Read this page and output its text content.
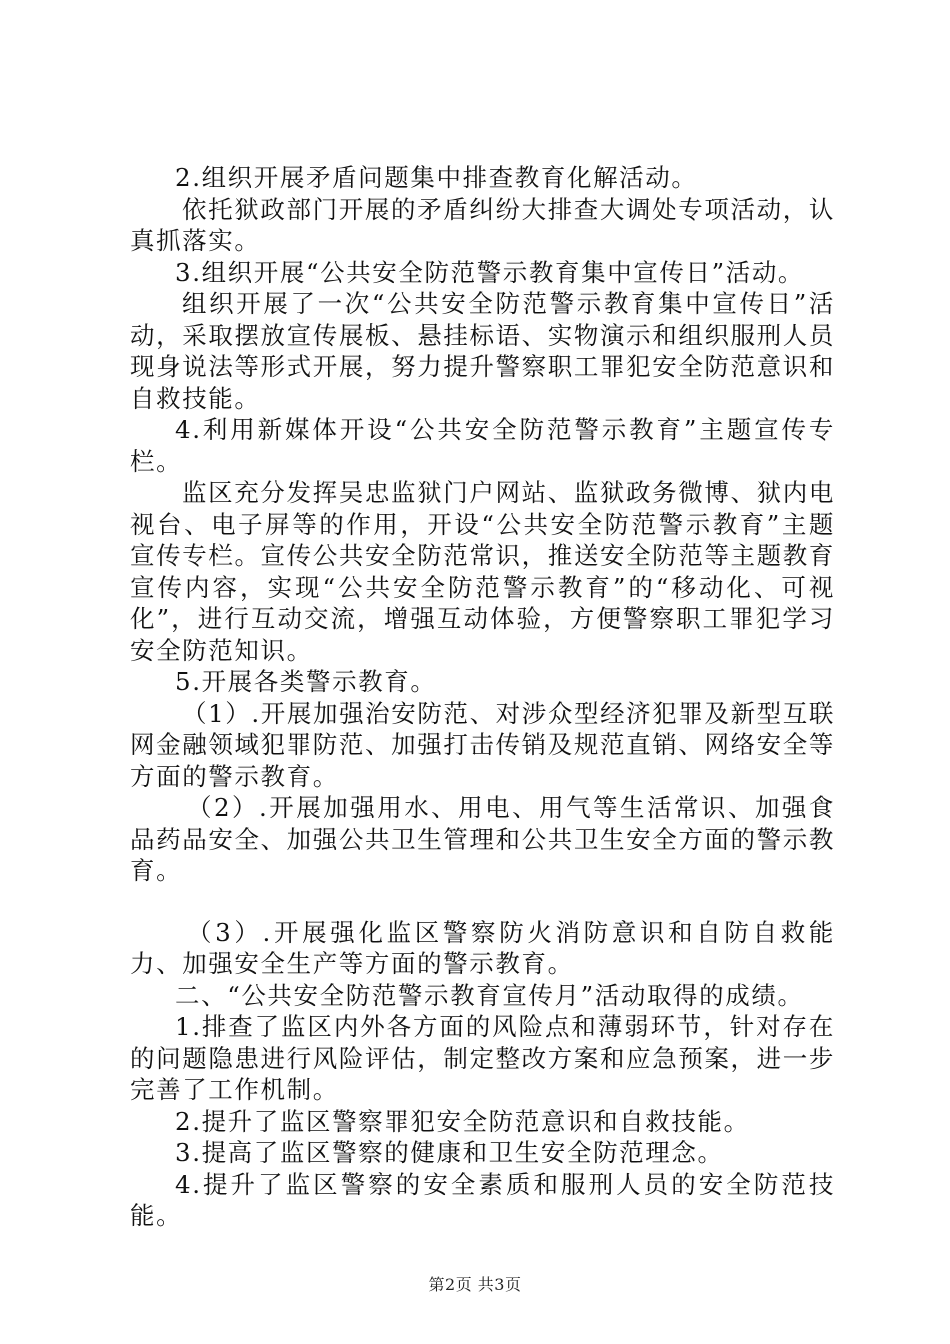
2.组织开展矛盾问题集中排查教育化解活动。

依托狱政部门开展的矛盾纠纷大排查大调处专项活动，认真抓落实。

3.组织开展“公共安全防范警示教育集中宣传日”活动。

组织开展了一次“公共安全防范警示教育集中宣传日”活动，采取摆放宣传展板、悬挂标语、实物演示和组织服刑人员现身说法等形式开展，努力提升警察职工罪犯安全防范意识和自救技能。

4.利用新媒体开设“公共安全防范警示教育”主题宣传专栏。

监区充分发挥吴忠监狱门户网站、监狱政务微博、狱内电视台、电子屏等的作用，开设“公共安全防范警示教育”主题宣传专栏。宣传公共安全防范常识，推送安全防范等主题教育宣传内容，实现“公共安全防范警示教育”的“移动化、可视化”，进行互动交流，增强互动体验，方便警察职工罪犯学习安全防范知识。

5.开展各类警示教育。

（1）.开展加强治安防范、对涉众型经济犯罪及新型互联网金融领域犯罪防范、加强打击传销及规范直销、网络安全等方面的警示教育。

（2）.开展加强用水、用电、用气等生活常识、加强食品药品安全、加强公共卫生管理和公共卫生安全方面的警示教育。

（3）.开展强化监区警察防火消防意识和自防自救能力、加强安全生产等方面的警示教育。

二、“公共安全防范警示教育宣传月”活动取得的成绩。

1.排查了监区内外各方面的风险点和薄弱环节，针对存在的问题隐患进行风险评估，制定整改方案和应急预案，进一步完善了工作机制。

2.提升了监区警察罪犯安全防范意识和自救技能。

3.提高了监区警察的健康和卫生安全防范理念。

4.提升了监区警察的安全素质和服刑人员的安全防范技能。

第2页 共3页
